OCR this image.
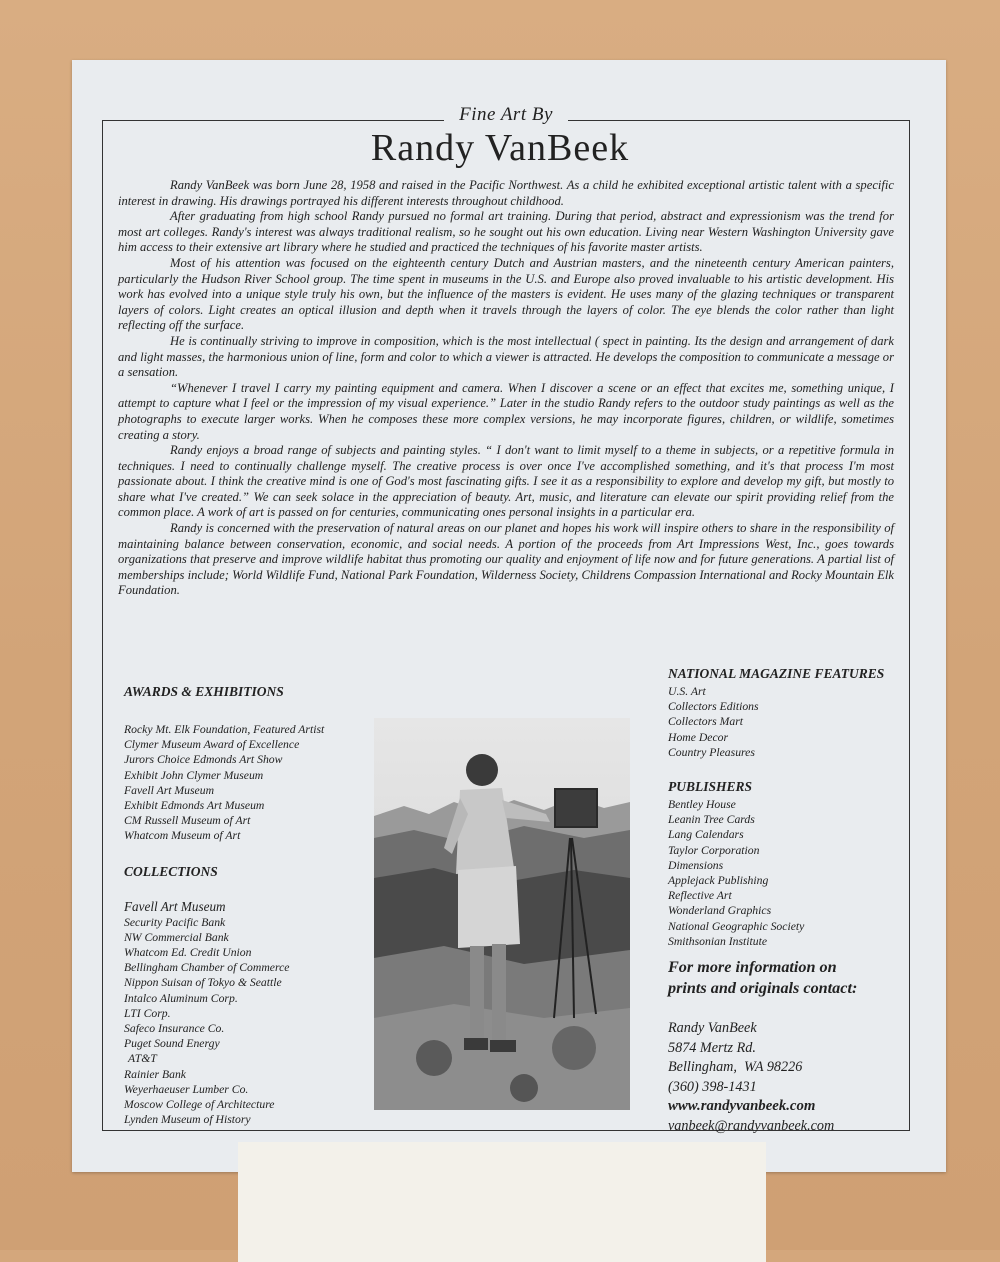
Fine Art By
Randy VanBeek

Randy VanBeek was born June 28, 1958 and raised in the Pacific Northwest. As a child he exhibited exceptional artistic talent with a specific interest in drawing. His drawings portrayed his different interests throughout childhood.

After graduating from high school Randy pursued no formal art training. During that period, abstract and expressionism was the trend for most art colleges. Randy's interest was always traditional realism, so he sought out his own education. Living near Western Washington University gave him access to their extensive art library where he studied and practiced the techniques of his favorite master artists.

Most of his attention was focused on the eighteenth century Dutch and Austrian masters, and the nineteenth century American painters, particularly the Hudson River School group. The time spent in museums in the U.S. and Europe also proved invaluable to his artistic development. His work has evolved into a unique style truly his own, but the influence of the masters is evident. He uses many of the glazing techniques or transparent layers of colors. Light creates an optical illusion and depth when it travels through the layers of color. The eye blends the color rather than light reflecting off the surface.

He is continually striving to improve in composition, which is the most intellectual ( spect in painting. Its the design and arrangement of dark and light masses, the harmonious union of line, form and color to which a viewer is attracted. He develops the composition to communicate a message or a sensation.

“Whenever I travel I carry my painting equipment and camera. When I discover a scene or an effect that excites me, something unique, I attempt to capture what I feel or the impression of my visual experience.” Later in the studio Randy refers to the outdoor study paintings as well as the photographs to execute larger works. When he composes these more complex versions, he may incorporate figures, children, or wildlife, sometimes creating a story.

Randy enjoys a broad range of subjects and painting styles. “ I don't want to limit myself to a theme in subjects, or a repetitive formula in techniques. I need to continually challenge myself. The creative process is over once I've accomplished something, and it's that process I'm most passionate about. I think the creative mind is one of God's most fascinating gifts. I see it as a responsibility to explore and develop my gift, but mostly to share what I've created.” We can seek solace in the appreciation of beauty. Art, music, and literature can elevate our spirit providing relief from the common place. A work of art is passed on for centuries, communicating ones personal insights in a particular era.

Randy is concerned with the preservation of natural areas on our planet and hopes his work will inspire others to share in the responsibility of maintaining balance between conservation, economic, and social needs. A portion of the proceeds from Art Impressions West, Inc., goes towards organizations that preserve and improve wildlife habitat thus promoting our quality and enjoyment of life now and for future generations. A partial list of memberships include; World Wildlife Fund, National Park Foundation, Wilderness Society, Childrens Compassion International and Rocky Mountain Elk Foundation.

AWARDS & EXHIBITIONS
Rocky Mt. Elk Foundation, Featured Artist
Clymer Museum Award of Excellence
Jurors Choice Edmonds Art Show
Exhibit John Clymer Museum
Favell Art Museum
Exhibit Edmonds Art Museum
CM Russell Museum of Art
Whatcom Museum of Art
COLLECTIONS
Favell Art Museum
Security Pacific Bank
NW Commercial Bank
Whatcom Ed. Credit Union
Bellingham Chamber of Commerce
Nippon Suisan of Tokyo & Seattle
Intalco Aluminum Corp.
LTI Corp.
Safeco Insurance Co.
Puget Sound Energy
AT&T
Rainier Bank
Weyerhaeuser Lumber Co.
Moscow College of Architecture
Lynden Museum of History
NATIONAL MAGAZINE FEATURES
U.S. Art
Collectors Editions
Collectors Mart
Home Decor
Country Pleasures
PUBLISHERS
Bentley House
Leanin Tree Cards
Lang Calendars
Taylor Corporation
Dimensions
Applejack Publishing
Reflective Art
Wonderland Graphics
National Geographic Society
Smithsonian Institute

For more information on
prints and originals contact:

Randy VanBeek
5874 Mertz Rd.
Bellingham,  WA 98226
(360) 398-1431
www.randyvanbeek.com
vanbeek@randyvanbeek.com
